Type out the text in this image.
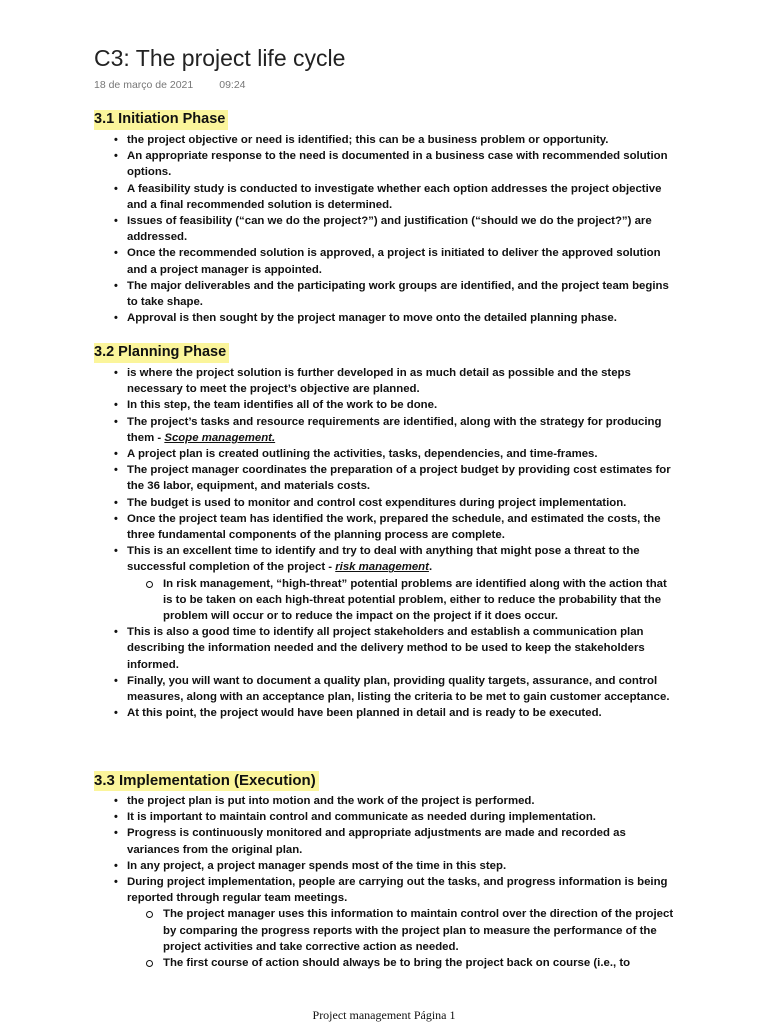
C3: The project life cycle
18 de março de 2021 09:24
3.1 Initiation Phase
• the project objective or need is identified; this can be a business problem or opportunity.
• An appropriate response to the need is documented in a business case with recommended solution options.
• A feasibility study is conducted to investigate whether each option addresses the project objective and a final recommended solution is determined.
• Issues of feasibility (“can we do the project?”) and justification (“should we do the project?”) are addressed.
• Once the recommended solution is approved, a project is initiated to deliver the approved solution and a project manager is appointed.
• The major deliverables and the participating work groups are identified, and the project team begins to take shape.
• Approval is then sought by the project manager to move onto the detailed planning phase.
3.2 Planning Phase
• is where the project solution is further developed in as much detail as possible and the steps necessary to meet the project’s objective are planned.
• In this step, the team identifies all of the work to be done.
• The project’s tasks and resource requirements are identified, along with the strategy for producing them - Scope management.
• A project plan is created outlining the activities, tasks, dependencies, and time-frames.
• The project manager coordinates the preparation of a project budget by providing cost estimates for the 36 labor, equipment, and materials costs.
• The budget is used to monitor and control cost expenditures during project implementation.
• Once the project team has identified the work, prepared the schedule, and estimated the costs, the three fundamental components of the planning process are complete.
• This is an excellent time to identify and try to deal with anything that might pose a threat to the successful completion of the project - risk management.
In risk management, “high-threat” potential problems are identified along with the action that is to be taken on each high-threat potential problem, either to reduce the probability that the problem will occur or to reduce the impact on the project if it does occur.
• This is also a good time to identify all project stakeholders and establish a communication plan describing the information needed and the delivery method to be used to keep the stakeholders informed.
• Finally, you will want to document a quality plan, providing quality targets, assurance, and control measures, along with an acceptance plan, listing the criteria to be met to gain customer acceptance.
• At this point, the project would have been planned in detail and is ready to be executed.
3.3 Implementation (Execution)
• the project plan is put into motion and the work of the project is performed.
• It is important to maintain control and communicate as needed during implementation.
• Progress is continuously monitored and appropriate adjustments are made and recorded as variances from the original plan.
• In any project, a project manager spends most of the time in this step.
• During project implementation, people are carrying out the tasks, and progress information is being reported through regular team meetings.
The project manager uses this information to maintain control over the direction of the project by comparing the progress reports with the project plan to measure the performance of the project activities and take corrective action as needed.
The first course of action should always be to bring the project back on course (i.e., to
Project management Página 1
